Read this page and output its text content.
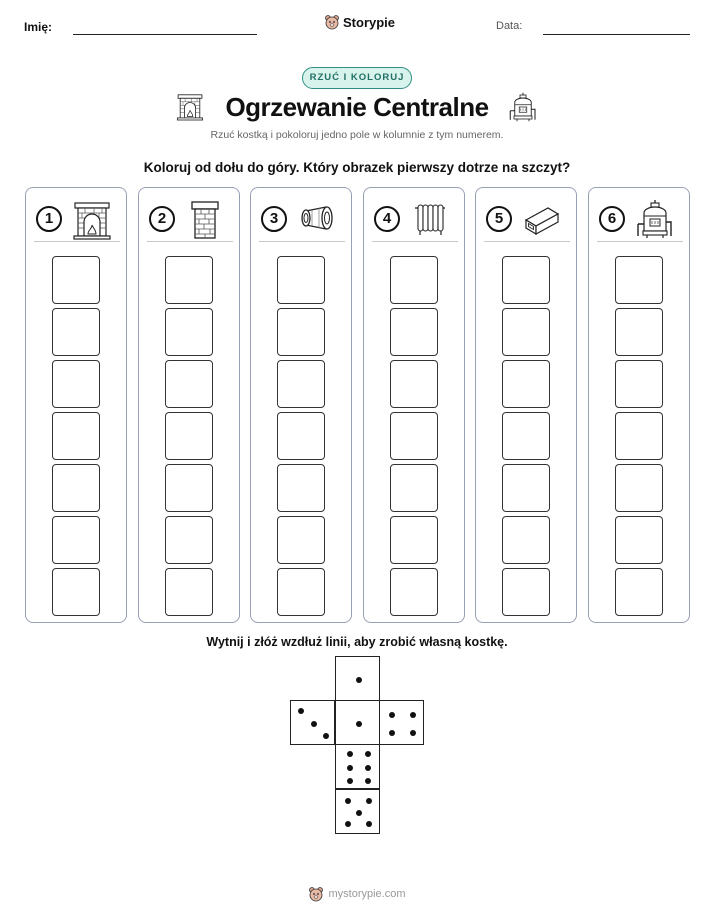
Imię:	Storypie	Data:
RZUĆ I KOLORUJ
Ogrzewanie Centralne
Rzuć kostką i pokoloruj jedno pole w kolumnie z tym numerem.
Koloruj od dołu do góry. Który obrazek pierwszy dotrze na szczyt?
1	2	3	4	5	6
Wytnij i złóż wzdłuż linii, aby zrobić własną kostkę.
mystorypie.com
